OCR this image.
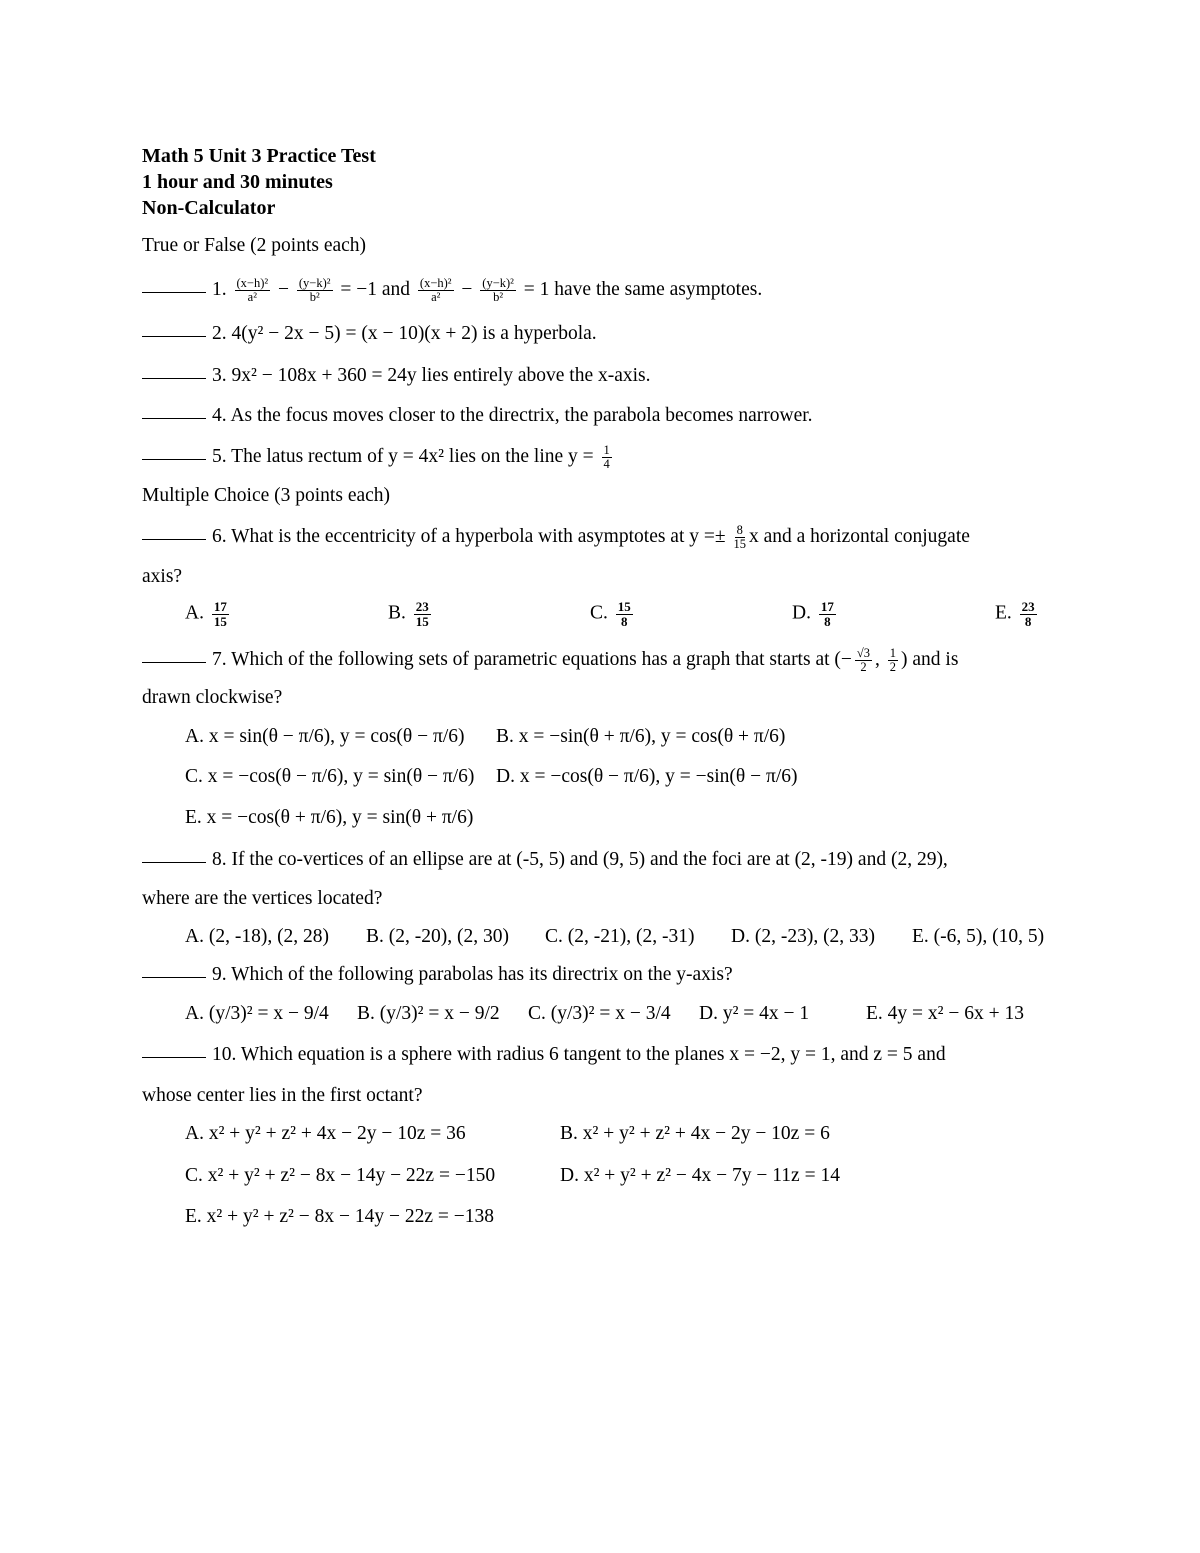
Math 5 Unit 3 Practice Test
1 hour and 30 minutes
Non-Calculator
True or False (2 points each)
1. $\frac{\text{(x−h)²}}{\text{a²}} - \frac{\text{(y−k)²}}{\text{b²}} = -1$ and $\frac{\text{(x−h)²}}{\text{a²}} - \frac{\text{(y−k)²}}{\text{b²}} = 1$ have the same asymptotes.
2. 4(y² − 2x − 5) = (x − 10)(x + 2) is a hyperbola.
3. 9x² − 108x + 360 = 24y lies entirely above the x-axis.
4. As the focus moves closer to the directrix, the parabola becomes narrower.
5. The latus rectum of y = 4x² lies on the line $y = \frac{1}{4}$
Multiple Choice (3 points each)
6. What is the eccentricity of a hyperbola with asymptotes at $y =\pm \frac{8}{15}$ x and a horizontal conjugate
axis?
A. $\frac{17}{15}$	B. $\frac{23}{15}$	C. $\frac{15}{8}$	D. $\frac{17}{8}$	E. $\frac{23}{8}$
7. Which of the following sets of parametric equations has a graph that starts at (− $\frac{√3}{2}$ , $\frac{1}{2}$ ) and is
drawn clockwise?
A. x = sin(θ − π/6), y = cos(θ − π/6) B. x = −sin(θ + π/6), y = cos(θ + π/6)
C. x = −cos(θ − π/6), y = sin(θ − π/6) D. x = −cos(θ − π/6), y = −sin(θ − π/6)
E. x = −cos(θ + π/6), y = sin(θ + π/6)
8. If the co-vertices of an ellipse are at (-5, 5) and (9, 5) and the foci are at (2, -19) and (2, 29),
where are the vertices located?
A. (2, -18), (2, 28) B. (2, -20), (2, 30) C. (2, -21), (2, -31) D. (2, -23), (2, 33) E. (-6, 5), (10, 5)
9. Which of the following parabolas has its directrix on the y-axis?
A. (y/3)² = x − 9/4 B. (y/3)² = x − 9/2 C. (y/3)² = x − 3/4 D. y² = 4x − 1	E. 4y = x² − 6x + 13
10. Which equation is a sphere with radius 6 tangent to the planes x = −2, y = 1, and z = 5 and
whose center lies in the first octant?
A. x² + y² + z² + 4x − 2y − 10z = 36	B. x² + y² + z² + 4x − 2y − 10z = 6
C. x² + y² + z² − 8x − 14y − 22z = −150	D. x² + y² + z² − 4x − 7y − 11z = 14
E. x² + y² + z² − 8x − 14y − 22z = −138
